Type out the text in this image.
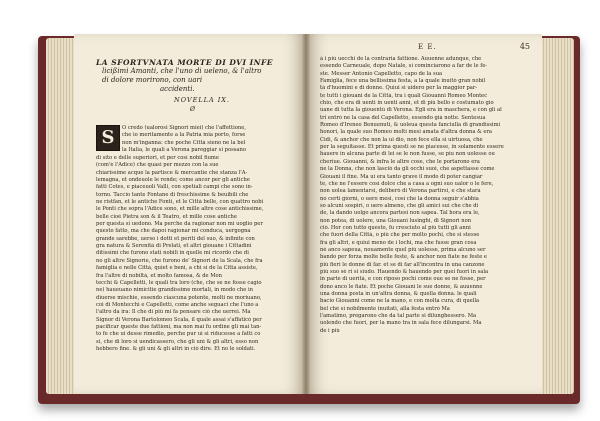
LA SFORTVNATA MORTE DI DVI INFE
licißimi Amanti, che l'uno di ueleno, & l'altro
di dolore morirono, con uari
accidenti.
NOVELLA IX.
Ø
S	O credo (ualorosi Signori miei) che l'affettione,
che io meritamente a la Patria mia porto, forse
non m'inganna: che poche Città sieno ne la bel
la Italia, le quali a Verona pareggiar si possano
di sito e delle superiori, et per così nobil fiume
(com'è l'Adice) che quasi per mezzo con la sue
chiarissime acque la partisce & mercantie che stanza l'A-
lemagna, et ondeuole le rende; come ancor per gli antiche
fatti Cotes, e piaceuoli Valli, con spetiali campi che sono in-
torno. Taccio tante Fontane di freschissime & beuibili che
ne ristfan, et le antiche Fonti, et le Città belle, con quattro nobi
le Ponti che sopra l'Adice sono, et mille altre cose antichissime,
belle cioè Pietra son & il Teatro, et mille cose antiche
per questa si uedono. Ma perche da ragionar non mi uoglio per
questo fatto, ma che dapoi ragionar mi conduca, uergogna
grande sarebbe, uerso i dotti et periti del suo, & infinite con
gra natura & Serenità di Prelati, et altri giouane i Cittadini
ditissimi che furono stati nobili in quelle mi ricordo che di
no gli altre Signorie, che furono de' Signori de la Scala, che fra
famiglia e nelle Città, quiet e beni, a chi si de la Citta assiste,
fra l'altre di nobiltà, et molto famosa, & de Mon
tecchi & Capelletti, le quali tra loro (che, che se ne fosse cagio
ne) haueuano nimicitie grandissime mortali, in modo che in
diuerse mischie, essendo ciascuna potente, molti ne moriuano,
coi di Montecchi e Capelletti, come anche seguaci che l'uno a
l'altro da ira: Il che di più mi fa pensare ciò che uerrei. Ma
Signor di Verona Bartolomeo Scala, il quale assai s'affaticò per
pacificar queste due fattioni, ma non mai fu ordine gli mai tan-
to fe che ui desse rimedio, perche pur ui si riducesse a fatti co
si, che di loro si uendicassero, che gli uni & gli altri, esso non
hebbero fine. & gli uni & gli altri in ciò dire. Et no le soldati.
E E.	45
à i più uecchi de la contraria fattione. Auuenne adunque, che
essendo Carneuale, dopo Natale, si cominciarono a far de le fe-
ste. Messer Antonio Capelletto, capo de la sua
Famiglia, fece una bellissima festa, a la quale inuitò gran nobil
tà d'huomini e di donne. Quiui si uidero per la maggior par-
te tutti i giouani de la Città, tra i quali Giouanni Romeo Montec
chio, che era di uenti in uenti anni, et di più bello e costumato gio
uane di tutta la giouentù di Verona. Egli era in maschera, e con gli al
tri entrò ne la casa del Capelletto, essendo già notte. Sentesua
Romeo d'Ireneo Benuenuti, & uoleua questa fanciulla di grandissimi
honori, la quale suo Romeo molti mesi amata d'altra donna & era
Cidi, & anchor che non la ui dio, non fece ella si uirtuosa, che
per la seguitasse. Et prima questi se ne piacesse, in solamente essere
hauere in alcuna parte di lei se le non fusse, se piu non uolesse ou
cheriue. Giouanni, & infra le altre cose, che le portarono era
ne la Donna, che non lasciò da gli occhi suoi, che aspettasse come
Giouani il fine. Ma ui era tanto grave il modo di poter cangiar
te, che ne l'essere così dolce che a casa a ogni suo ualor o le fere,
non uolea lamentarsi, deliberò di Verona partirsi, e che stara
no certi giorni, o uero mesi, così che la donna seguir s'abbia
so alcuni sospiri, o uero almeno, che gli amici sui che che di
de, la dando uolgo ancora partesi non sapea. Tal hora era le,
non potea, di uolere, una Giouani lusinghi, di Signori non
ciò. Hor con tutto questo, fu cresciuto al più tutti gli anni
che fuori della Città, o più che per molto pochi, che si stesse
fra gli altri, e quiui meno de i lochi, ma che fusse gran cosa
né anco sapeua, nouamente quel più uolesse, prima alcuno ser
bando per forza molte belle feste, & anchor non fiate ne feste e
più fieri le donne di far. et se di far all'incontra in una canzone
più suo sè ri si siudo. Hauendo & hauendo per quei fuori in sala
in parte di uerità, e con riposo pochi come oue se ne fosse, per
dono anco le fiate. Et poche Giouani le sue donne, & auuenne
una donna posta in un'altra donna, & quella donna. le quali
bacio Giouanni come ne la mano, e con molta cura, di quella
bel chè si nobilmente inuitati, alla festa entrò Ma
l'amatimo, pregarono che da tal parte si dilunghessero. Ma
uolendo che fuori, per la mano tra in sala fece dilungarsi. Ma
de i più
